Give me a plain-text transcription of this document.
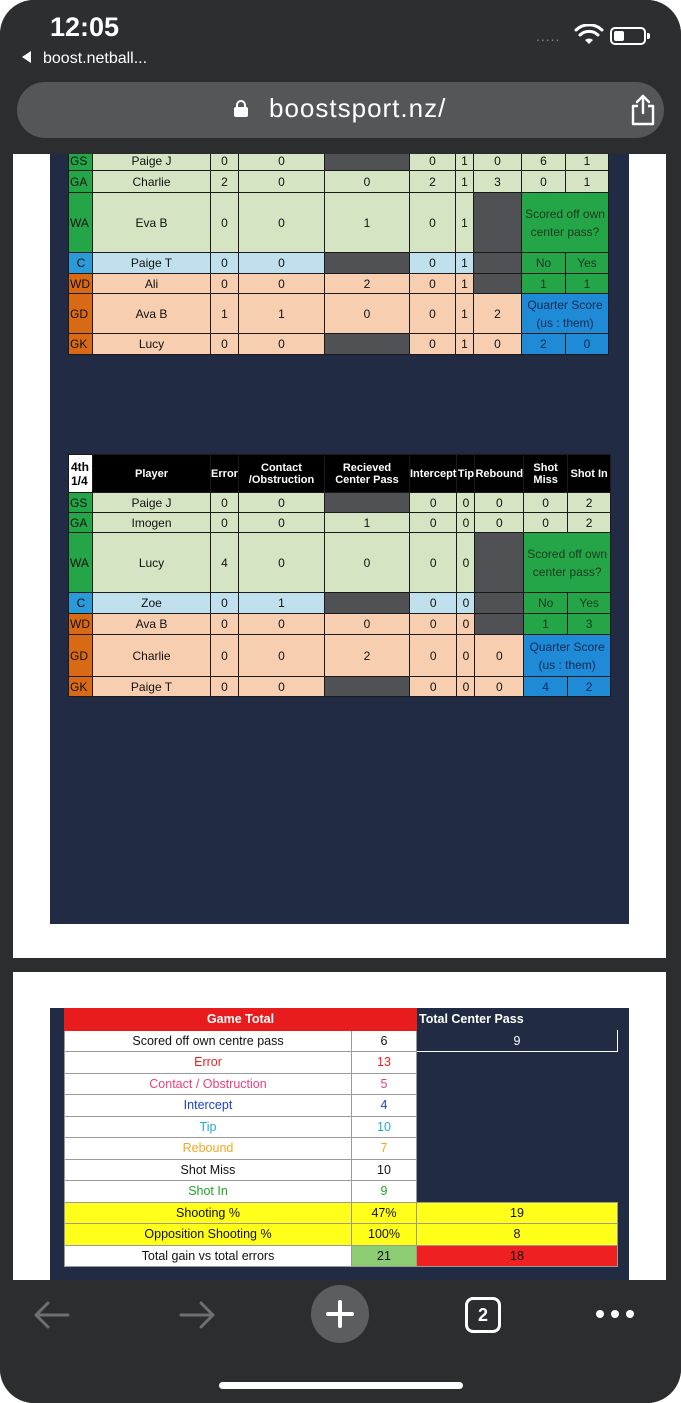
12:05
boost.netball...
.....
boostsport.nz/
GS	Paige J	0	0		0	1	0	6	1
GA	Charlie	2	0	0	2	1	3	0	1
WA	Eva B	0	0	1	0	1		Scored off own center pass?	
C	Paige T	0	0		0	1		No	Yes
WD	Ali	0	0	2	0	1		1	1
GD	Ava B	1	1	0	0	1	2	Quarter Score (us : them)	
GK	Lucy	0	0		0	1	0	2	0
4th 1/4	Player	Error	Contact /Obstruction	Recieved Center Pass	Intercept	Tip	Rebound	Shot Miss	Shot In
GS	Paige J	0	0		0	0	0	0	2
GA	Imogen	0	0	1	0	0	0	0	2
WA	Lucy	4	0	0	0	0		Scored off own center pass?	
C	Zoe	0	1		0	0		No	Yes
WD	Ava B	0	0	0	0	0		1	3
GD	Charlie	0	0	2	0	0	0	Quarter Score (us : them)	
GK	Paige T	0	0		0	0	0	4	2
Game Total		Total Center Pass
Scored off own centre pass	6	9
Error	13	
Contact / Obstruction	5	
Intercept	4	
Tip	10	
Rebound	7	
Shot Miss	10	
Shot In	9	
Shooting %	47%	19
Opposition Shooting %	100%	8
Total gain vs total errors	21	18
2
